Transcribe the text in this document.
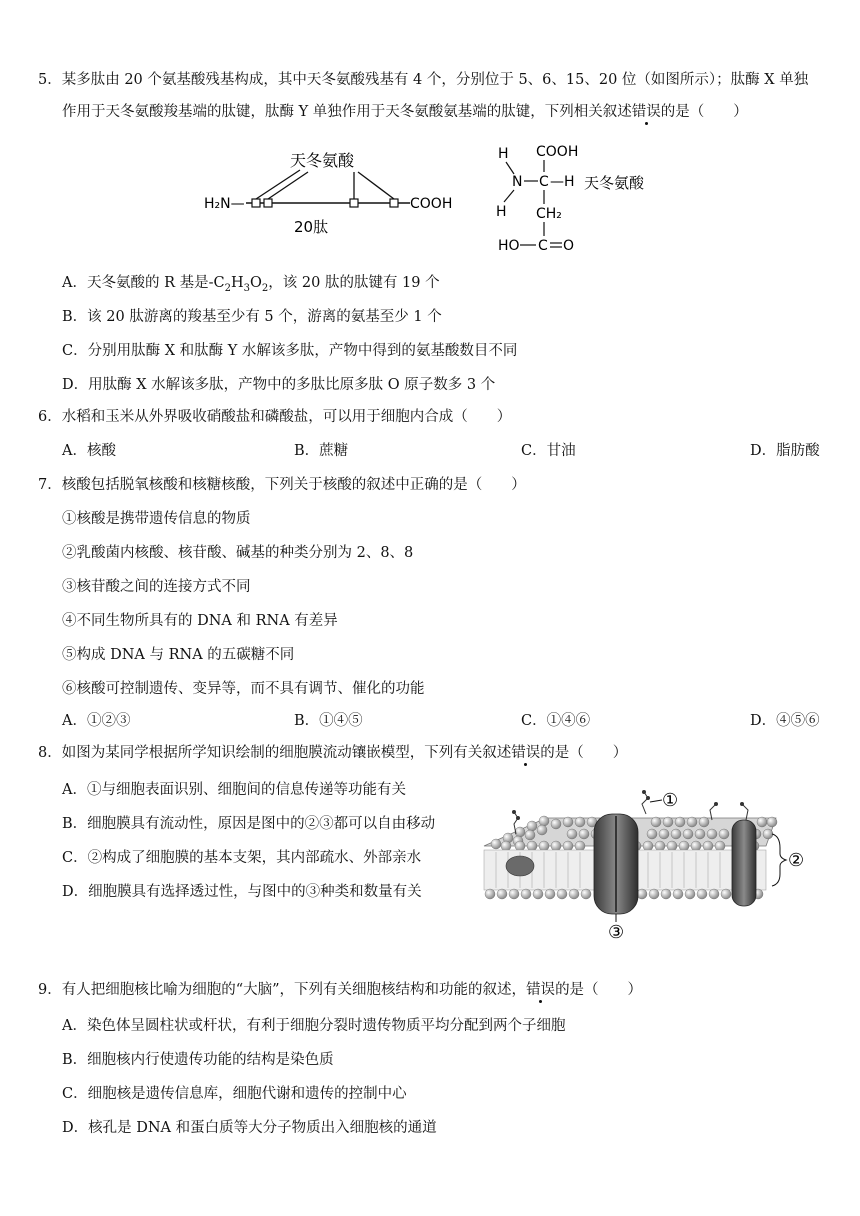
5．某多肽由 20 个氨基酸残基构成，其中天冬氨酸残基有 4 个，分别位于 5、6、15、20 位（如图所示）；肽酶 X 单独
作用于天冬氨酸羧基端的肽键，肽酶 Y 单独作用于天冬氨酸氨基端的肽键，下列相关叙述错误的是（　　）
天冬氨酸
H₂N—	COOH
20肽
H COOH
N C —H 天冬氨酸
H CH₂
HO C O
A．天冬氨酸的 R 基是$-C_2H_3O_2$，该 20 肽的肽键有 19 个
B．该 20 肽游离的羧基至少有 5 个，游离的氨基至少 1 个
C．分别用肽酶 X 和肽酶 Y 水解该多肽，产物中得到的氨基酸数目不同
D．用肽酶 X 水解该多肽，产物中的多肽比原多肽 O 原子数多 3 个
6．水稻和玉米从外界吸收硝酸盐和磷酸盐，可以用于细胞内合成（　　）
A．核酸	B．蔗糖	C．甘油	D．脂肪酸
7．核酸包括脱氧核酸和核糖核酸，下列关于核酸的叙述中正确的是（　　）
①核酸是携带遗传信息的物质
②乳酸菌内核酸、核苷酸、碱基的种类分别为 2、8、8
③核苷酸之间的连接方式不同
④不同生物所具有的 DNA 和 RNA 有差异
⑤构成 DNA 与 RNA 的五碳糖不同
⑥核酸可控制遗传、变异等，而不具有调节、催化的功能
A．①②③	B．①④⑤	C．①④⑥	D．④⑤⑥
8．如图为某同学根据所学知识绘制的细胞膜流动镶嵌模型，下列有关叙述错误的是（　　）
A．①与细胞表面识别、细胞间的信息传递等功能有关
B．细胞膜具有流动性，原因是图中的②③都可以自由移动
C．②构成了细胞膜的基本支架，其内部疏水、外部亲水
D．细胞膜具有选择透过性，与图中的③种类和数量有关
①
②
③
9．有人把细胞核比喻为细胞的“大脑”，下列有关细胞核结构和功能的叙述，错误的是（　　）
A．染色体呈圆柱状或杆状，有利于细胞分裂时遗传物质平均分配到两个子细胞
B．细胞核内行使遗传功能的结构是染色质
C．细胞核是遗传信息库，细胞代谢和遗传的控制中心
D．核孔是 DNA 和蛋白质等大分子物质出入细胞核的通道
